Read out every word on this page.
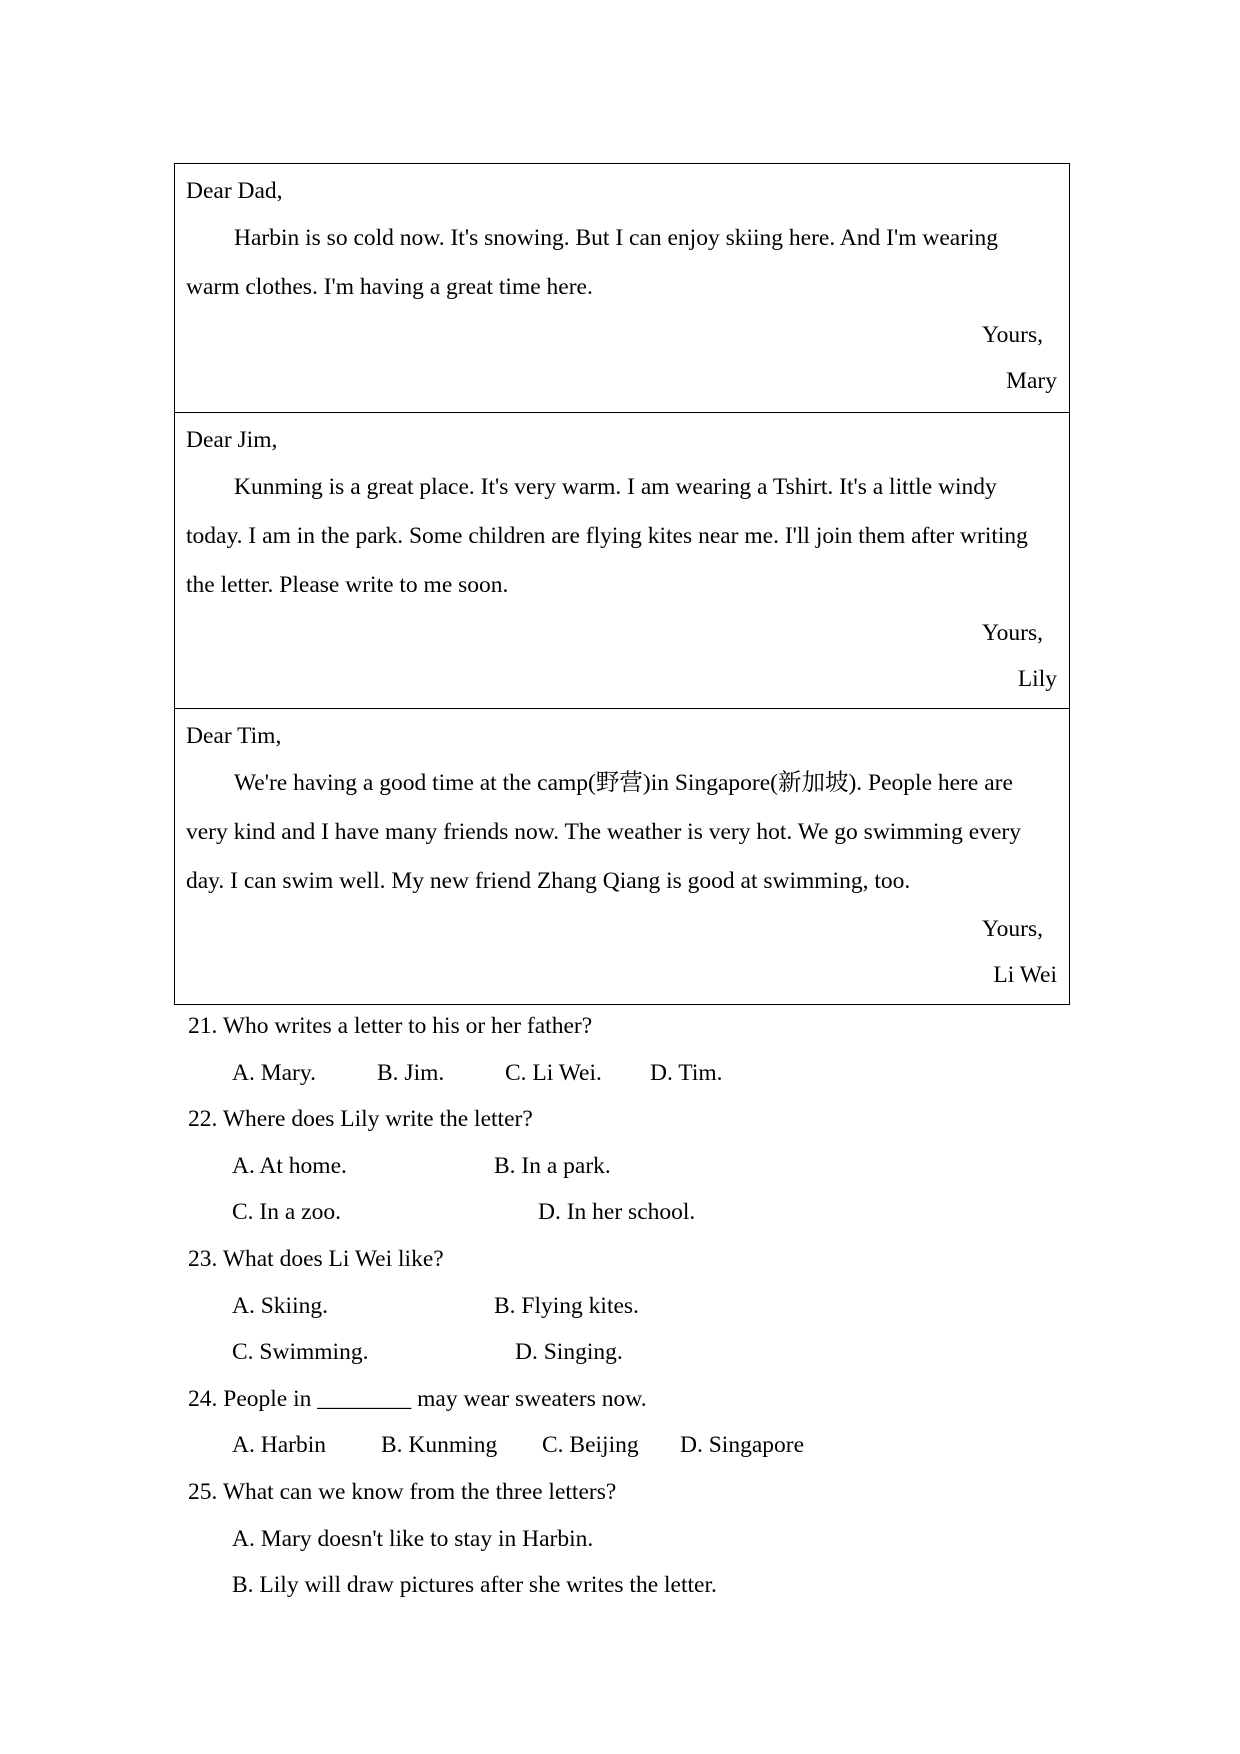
Dear Dad,

Harbin is so cold now. It's snowing. But I can enjoy skiing here. And I'm wearing warm clothes. I'm having a great time here.

Yours,
Mary
Dear Jim,

Kunming is a great place. It's very warm. I am wearing a Tshirt. It's a little windy today. I am in the park. Some children are flying kites near me. I'll join them after writing the letter. Please write to me soon.

Yours,
Lily
Dear Tim,

We're having a good time at the camp(野营)in Singapore(新加坡). People here are very kind and I have many friends now. The weather is very hot. We go swimming every day. I can swim well. My new friend Zhang Qiang is good at swimming, too.

Yours,
Li Wei
21. Who writes a letter to his or her father?
A. Mary.	B. Jim.	C. Li Wei. D. Tim.
22. Where does Lily write the letter?
A. At home.	B. In a park.
C. In a zoo.	D. In her school.
23. What does Li Wei like?
A. Skiing.	B. Flying kites.
C. Swimming.	D. Singing.
24. People in ________ may wear sweaters now.
A. Harbin B. Kunming C. Beijing D. Singapore
25. What can we know from the three letters?
A. Mary doesn't like to stay in Harbin.
B. Lily will draw pictures after she writes the letter.
